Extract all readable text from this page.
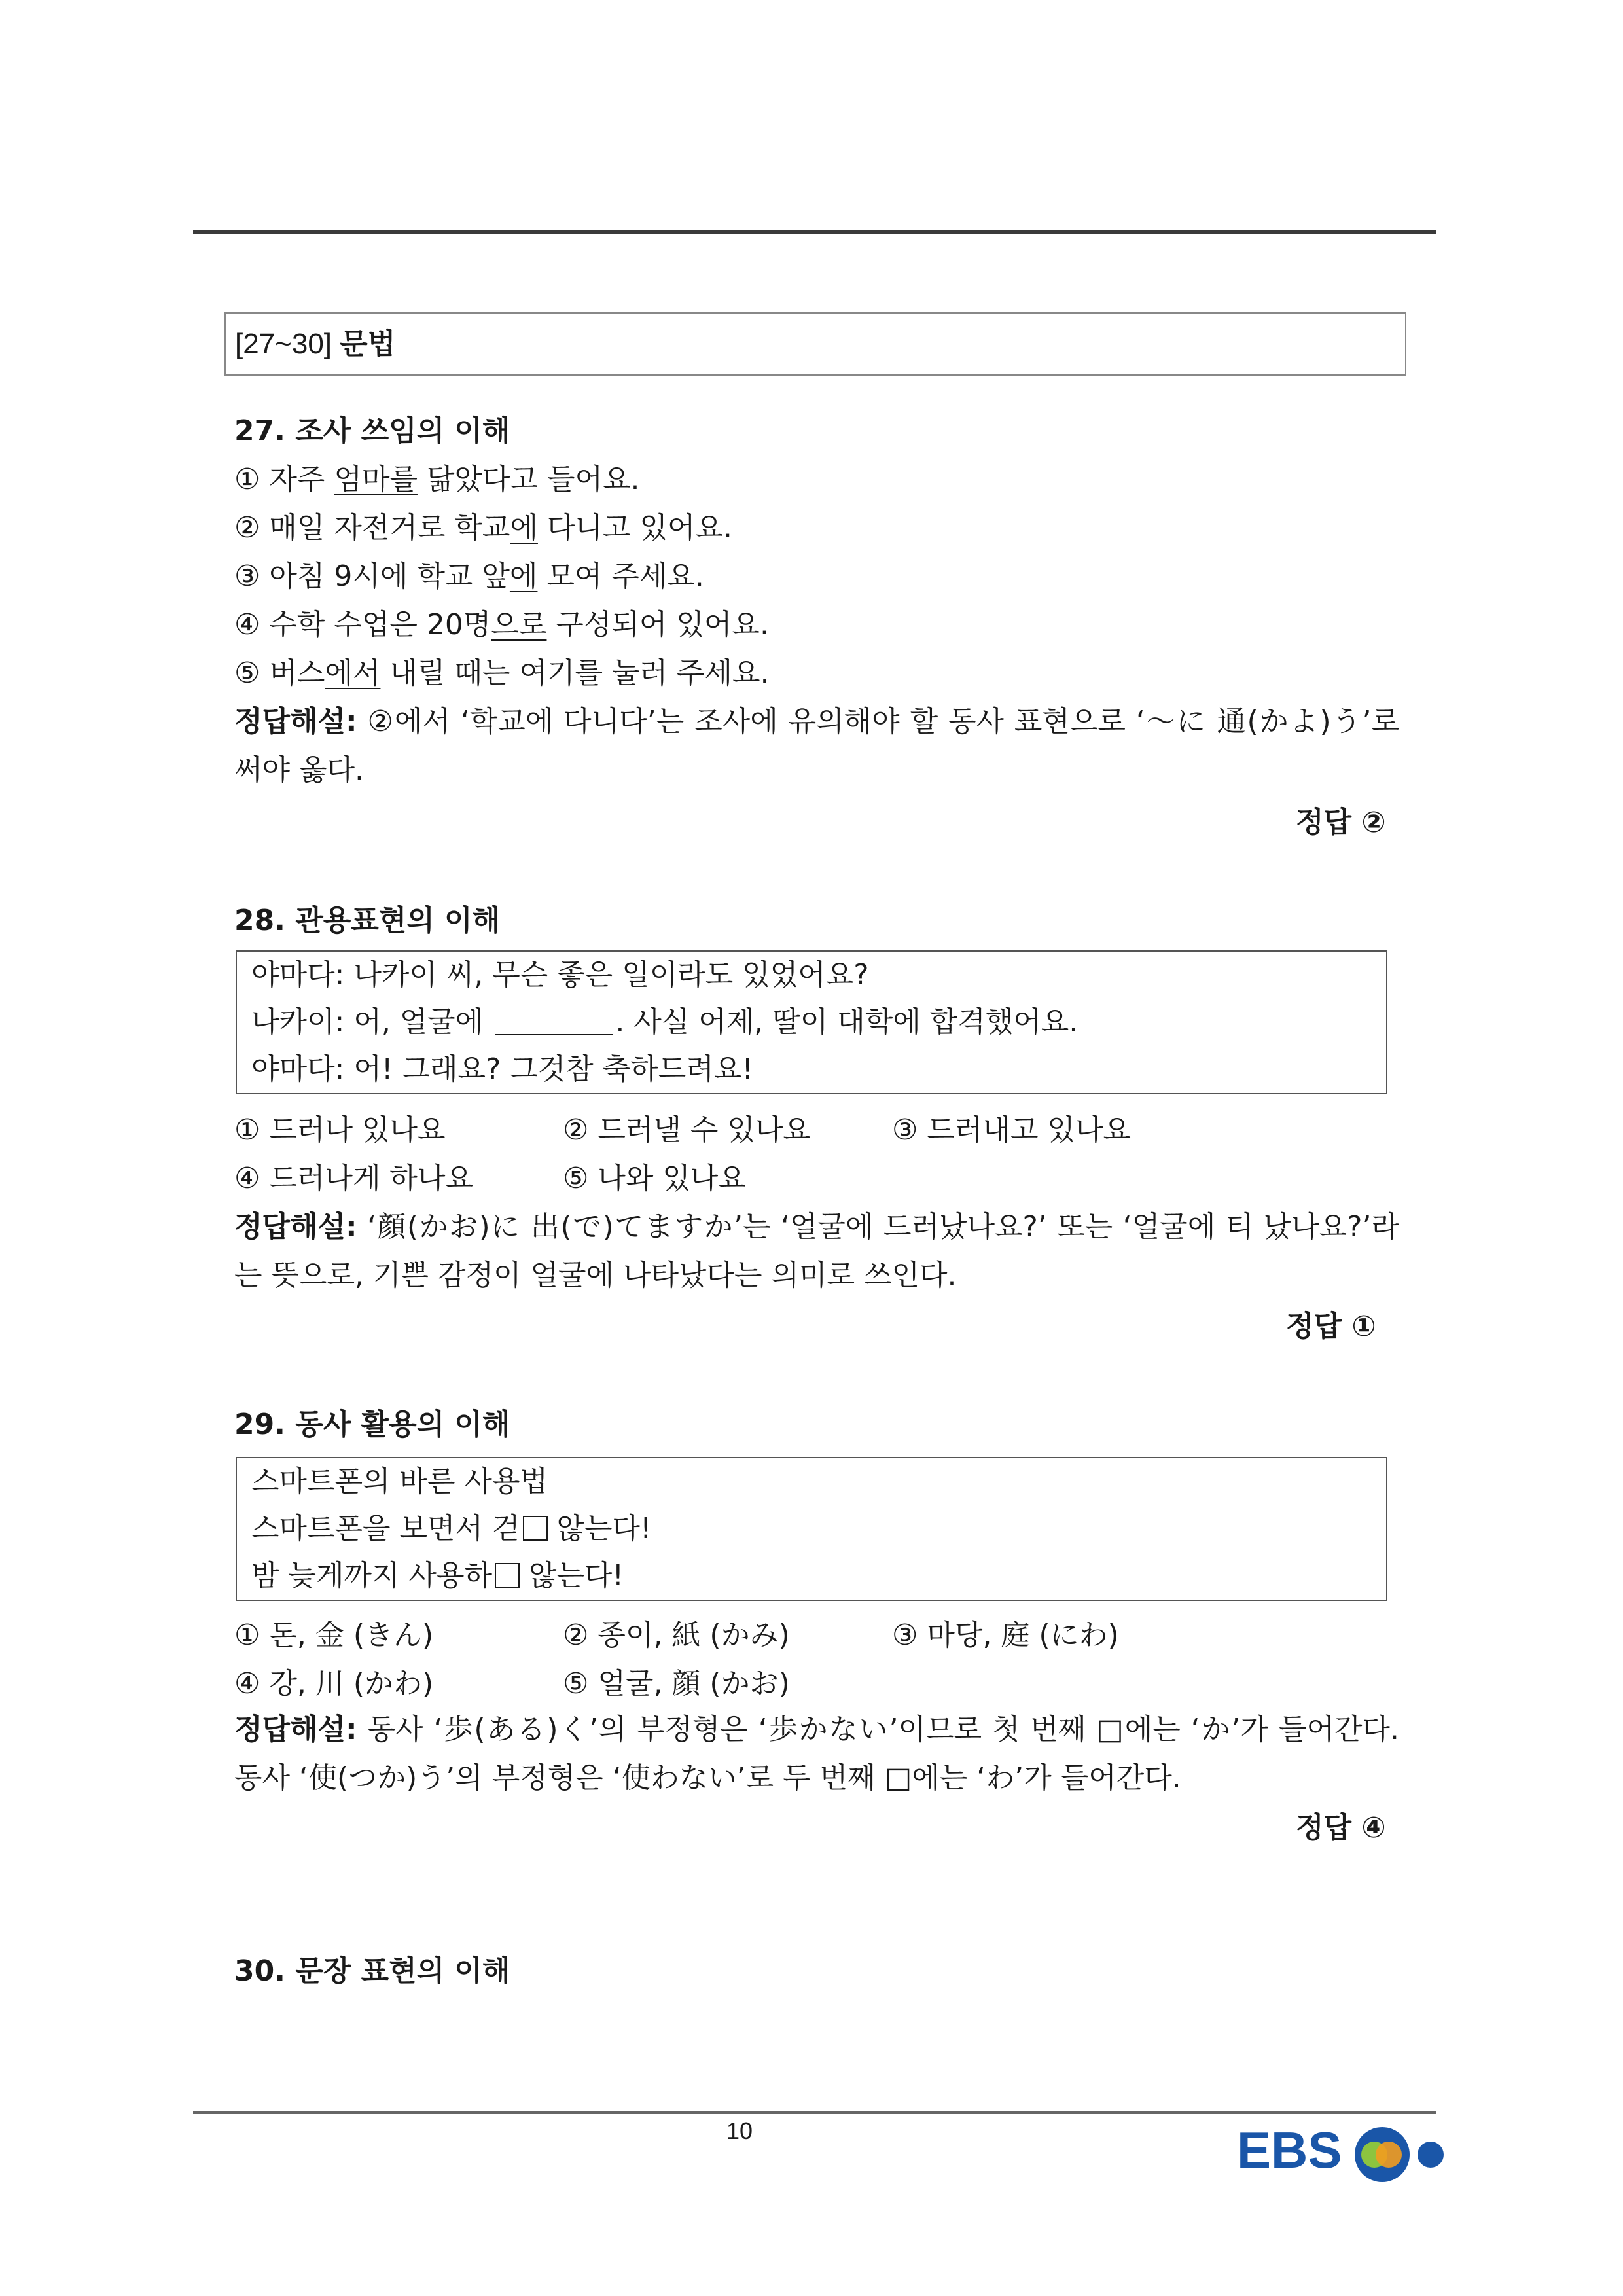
[27~30] 문법
27. 조사 쓰임의 이해
① 자주 엄마를 닮았다고 들어요.
② 매일 자전거로 학교에 다니고 있어요.
③ 아침 9시에 학교 앞에 모여 주세요.
④ 수학 수업은 20명으로 구성되어 있어요.
⑤ 버스에서 내릴 때는 여기를 눌러 주세요.
정답해설: ②에서 ‘학교에 다니다’는 조사에 유의해야 할 동사 표현으로 ‘～に 通(かよ)う’로 써야 옳다.
정답 ②
28. 관용표현의 이해
야마다: 나카이 씨, 무슨 좋은 일이라도 있었어요?
나카이: 어, 얼굴에	. 사실 어제, 딸이 대학에 합격했어요.
야마다: 어! 그래요? 그것참 축하드려요!
① 드러나 있나요	② 드러낼 수 있나요	③ 드러내고 있나요
④ 드러나게 하나요	⑤ 나와 있나요
정답해설: ‘顔(かお)に 出(で)てますか’는 ‘얼굴에 드러났나요?’ 또는 ‘얼굴에 티 났나요?’라는 뜻으로, 기쁜 감정이 얼굴에 나타났다는 의미로 쓰인다.
정답 ①
29. 동사 활용의 이해
스마트폰의 바른 사용법
스마트폰을 보면서 걷 않는다!
밤 늦게까지 사용하 않는다!
① 돈, 金 (きん)	② 종이, 紙 (かみ)	③ 마당, 庭 (にわ)
④ 강, 川 (かわ)	⑤ 얼굴, 顔 (かお)
정답해설: 동사 ‘歩(ある)く’의 부정형은 ‘歩かない’이므로 첫 번째 □에는 ‘か’가 들어간다. 동사 ‘使(つか)う’의 부정형은 ‘使わない’로 두 번째 □에는 ‘わ’가 들어간다.
정답 ④
30. 문장 표현의 이해
10	EBS
